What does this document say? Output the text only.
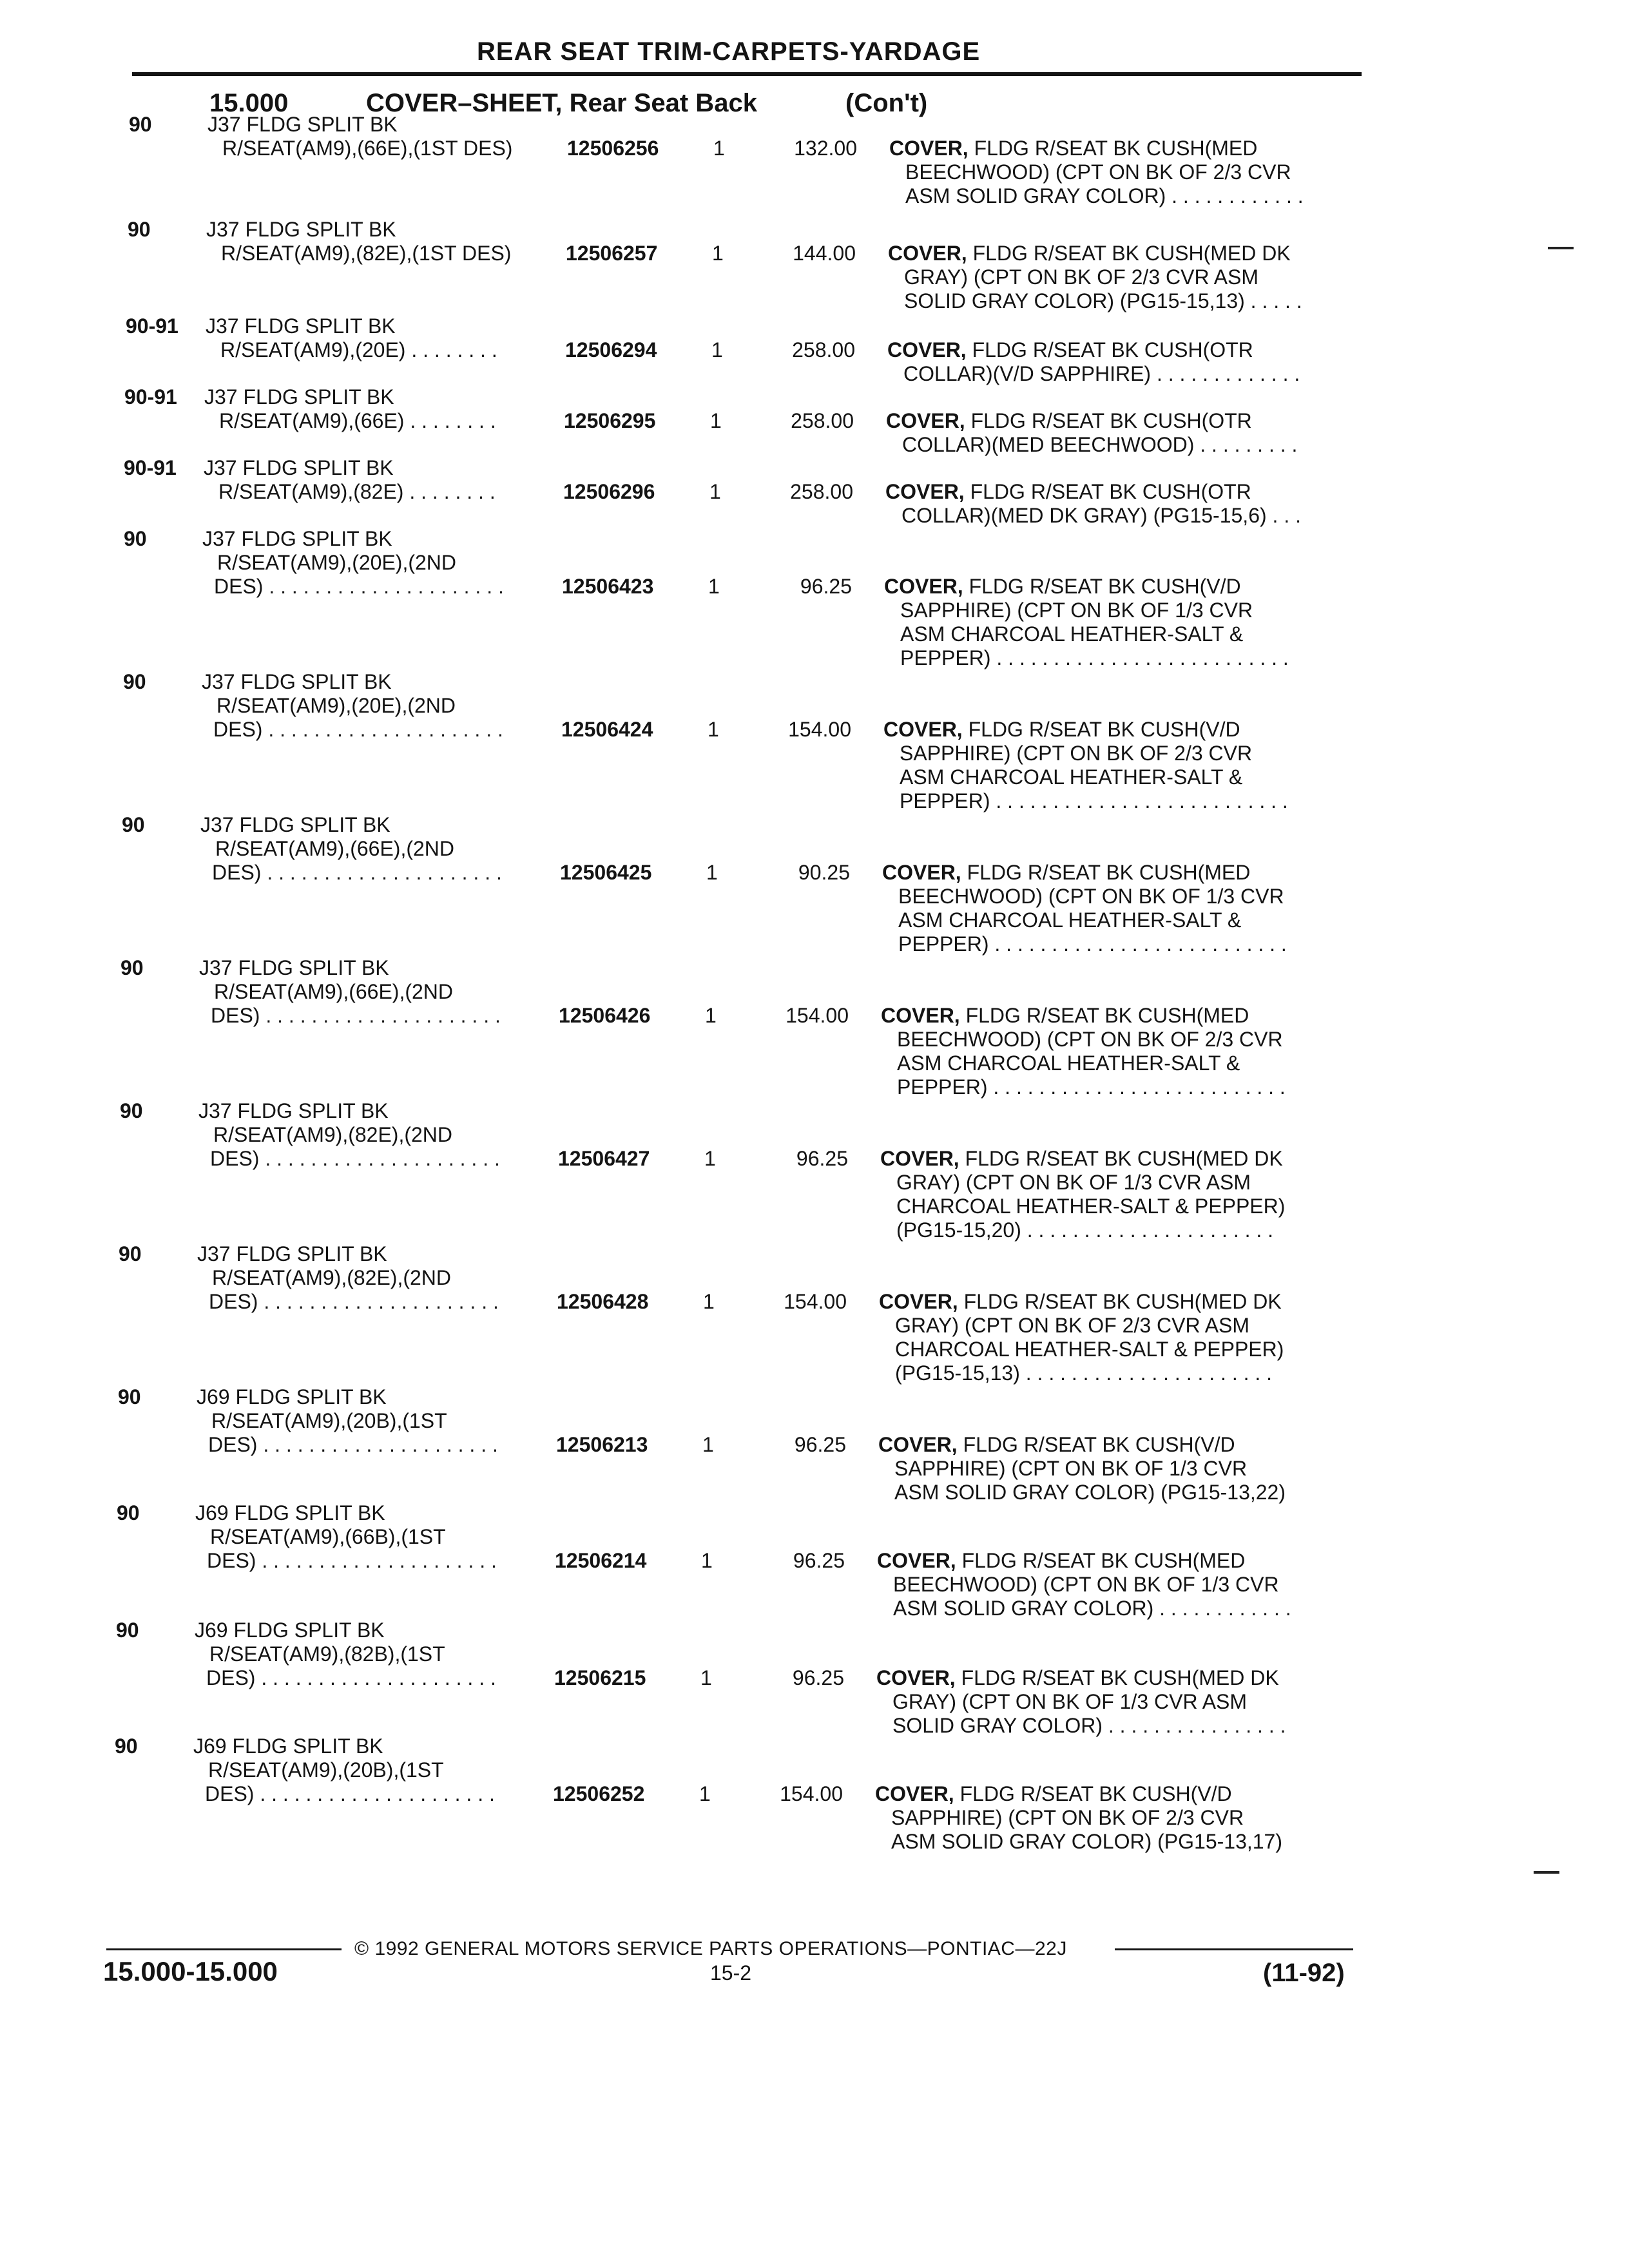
REAR SEAT TRIM-CARPETS-YARDAGE
15.000	COVER–SHEET, Rear Seat Back	(Con't)
90	J37 FLDG SPLIT BK
R/SEAT(AM9),(66E),(1ST DES)	12506256	1	132.00 COVER, FLDG R/SEAT BK CUSH(MED
BEECHWOOD) (CPT ON BK OF 2/3 CVR
ASM SOLID GRAY COLOR) . . . . . . . . . . . .
90	J37 FLDG SPLIT BK
R/SEAT(AM9),(82E),(1ST DES)	12506257	1	144.00 COVER, FLDG R/SEAT BK CUSH(MED DK
GRAY) (CPT ON BK OF 2/3 CVR ASM
SOLID GRAY COLOR) (PG15-15,13) . . . . .
90-91 J37 FLDG SPLIT BK
R/SEAT(AM9),(20E) . . . . . . . .	12506294	1	258.00 COVER, FLDG R/SEAT BK CUSH(OTR
COLLAR)(V/D SAPPHIRE) . . . . . . . . . . . . .
90-91 J37 FLDG SPLIT BK
R/SEAT(AM9),(66E) . . . . . . . .	12506295	1	258.00 COVER, FLDG R/SEAT BK CUSH(OTR
COLLAR)(MED BEECHWOOD) . . . . . . . . .
90-91 J37 FLDG SPLIT BK
R/SEAT(AM9),(82E) . . . . . . . .	12506296	1	258.00 COVER, FLDG R/SEAT BK CUSH(OTR
COLLAR)(MED DK GRAY) (PG15-15,6) . . .
90	J37 FLDG SPLIT BK
R/SEAT(AM9),(20E),(2ND
DES) . . . . . . . . . . . . . . . . . . . . .	12506423	1	96.25 COVER, FLDG R/SEAT BK CUSH(V/D
SAPPHIRE) (CPT ON BK OF 1/3 CVR
ASM CHARCOAL HEATHER-SALT &
PEPPER) . . . . . . . . . . . . . . . . . . . . . . . . . .
90	J37 FLDG SPLIT BK
R/SEAT(AM9),(20E),(2ND
DES) . . . . . . . . . . . . . . . . . . . . .	12506424	1	154.00 COVER, FLDG R/SEAT BK CUSH(V/D
SAPPHIRE) (CPT ON BK OF 2/3 CVR
ASM CHARCOAL HEATHER-SALT &
PEPPER) . . . . . . . . . . . . . . . . . . . . . . . . . .
90	J37 FLDG SPLIT BK
R/SEAT(AM9),(66E),(2ND
DES) . . . . . . . . . . . . . . . . . . . . .	12506425	1	90.25 COVER, FLDG R/SEAT BK CUSH(MED
BEECHWOOD) (CPT ON BK OF 1/3 CVR
ASM CHARCOAL HEATHER-SALT &
PEPPER) . . . . . . . . . . . . . . . . . . . . . . . . . .
90	J37 FLDG SPLIT BK
R/SEAT(AM9),(66E),(2ND
DES) . . . . . . . . . . . . . . . . . . . . .	12506426	1	154.00 COVER, FLDG R/SEAT BK CUSH(MED
BEECHWOOD) (CPT ON BK OF 2/3 CVR
ASM CHARCOAL HEATHER-SALT &
PEPPER) . . . . . . . . . . . . . . . . . . . . . . . . . .
90	J37 FLDG SPLIT BK
R/SEAT(AM9),(82E),(2ND
DES) . . . . . . . . . . . . . . . . . . . . .	12506427	1	96.25 COVER, FLDG R/SEAT BK CUSH(MED DK
GRAY) (CPT ON BK OF 1/3 CVR ASM
CHARCOAL HEATHER-SALT & PEPPER)
(PG15-15,20) . . . . . . . . . . . . . . . . . . . . . .
90	J37 FLDG SPLIT BK
R/SEAT(AM9),(82E),(2ND
DES) . . . . . . . . . . . . . . . . . . . . .	12506428	1	154.00 COVER, FLDG R/SEAT BK CUSH(MED DK
GRAY) (CPT ON BK OF 2/3 CVR ASM
CHARCOAL HEATHER-SALT & PEPPER)
(PG15-15,13) . . . . . . . . . . . . . . . . . . . . . .
90	J69 FLDG SPLIT BK
R/SEAT(AM9),(20B),(1ST
DES) . . . . . . . . . . . . . . . . . . . . .	12506213	1	96.25 COVER, FLDG R/SEAT BK CUSH(V/D
SAPPHIRE) (CPT ON BK OF 1/3 CVR
ASM SOLID GRAY COLOR) (PG15-13,22)
90	J69 FLDG SPLIT BK
R/SEAT(AM9),(66B),(1ST
DES) . . . . . . . . . . . . . . . . . . . . .	12506214	1	96.25 COVER, FLDG R/SEAT BK CUSH(MED
BEECHWOOD) (CPT ON BK OF 1/3 CVR
ASM SOLID GRAY COLOR) . . . . . . . . . . . .
90	J69 FLDG SPLIT BK
R/SEAT(AM9),(82B),(1ST
DES) . . . . . . . . . . . . . . . . . . . . .	12506215	1	96.25 COVER, FLDG R/SEAT BK CUSH(MED DK
GRAY) (CPT ON BK OF 1/3 CVR ASM
SOLID GRAY COLOR) . . . . . . . . . . . . . . . .
90	J69 FLDG SPLIT BK
R/SEAT(AM9),(20B),(1ST
DES) . . . . . . . . . . . . . . . . . . . . .	12506252	1	154.00 COVER, FLDG R/SEAT BK CUSH(V/D
SAPPHIRE) (CPT ON BK OF 2/3 CVR
ASM SOLID GRAY COLOR) (PG15-13,17)
© 1992 GENERAL MOTORS SERVICE PARTS OPERATIONS—PONTIAC—22J
15.000-15.000	15-2	(11-92)
